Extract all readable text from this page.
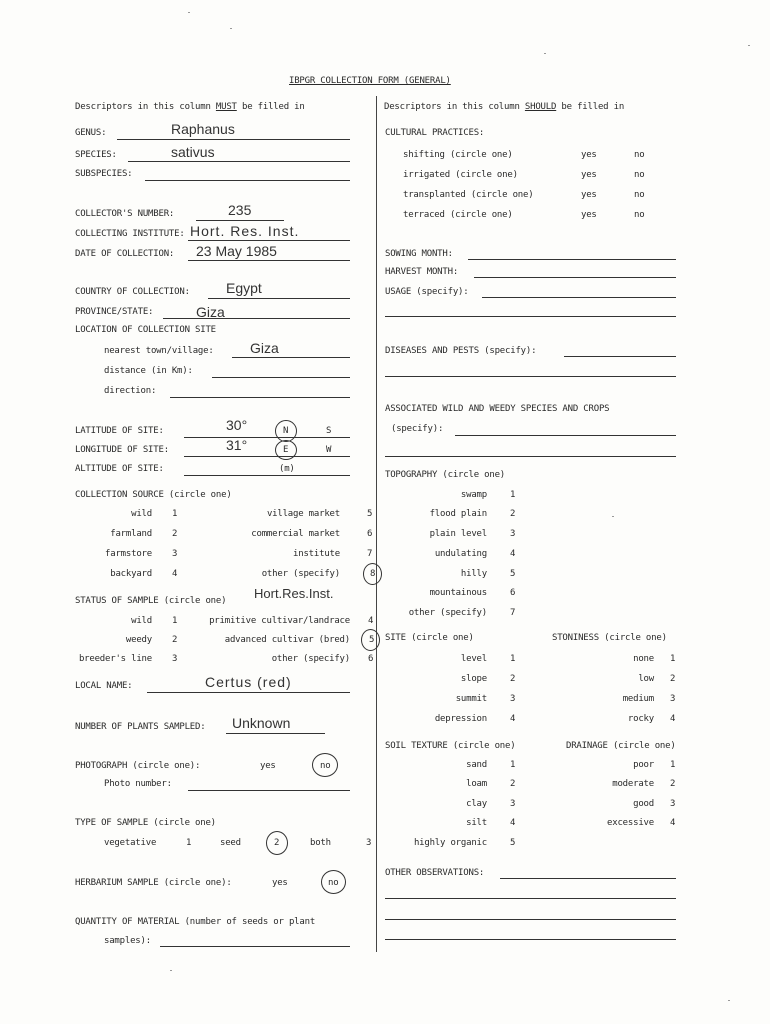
IBPGR COLLECTION FORM (GENERAL)
Descriptors in this column MUST be filled in	Descriptors in this column SHOULD be filled in
GENUS:	Raphanus
SPECIES:	sativus
SUBSPECIES:
COLLECTOR'S NUMBER:	235
COLLECTING INSTITUTE: Hort. Res. Inst.
DATE OF COLLECTION: 23 May 1985
COUNTRY OF COLLECTION:	Egypt
PROVINCE/STATE:	Giza
LOCATION OF COLLECTION SITE
nearest town/village:	Giza
distance (in Km):
direction:
LATITUDE OF SITE:	30°	N	S
LONGITUDE OF SITE:	31°	E	W
ALTITUDE OF SITE:	(m)
COLLECTION SOURCE (circle one)
wild 1	village market	5
farmland 2	commercial market	6
farmstore 3	institute	7
backyard 4	other (specify)	8
Hort.Res.Inst.
STATUS OF SAMPLE (circle one)
wild 1	primitive cultivar/landrace 4
weedy 2	advanced cultivar (bred) 5
breeder's line 3	other (specify) 6
LOCAL NAME:	Certus (red)
NUMBER OF PLANTS SAMPLED: Unknown
PHOTOGRAPH (circle one):	yes	no
Photo number:
TYPE OF SAMPLE (circle one)
vegetative	1	seed	2	both	3
HERBARIUM SAMPLE (circle one):	yes	no
QUANTITY OF MATERIAL (number of seeds or plant
samples):
CULTURAL PRACTICES:
shifting (circle one)	yes	no
irrigated (circle one)	yes	no
transplanted (circle one)	yes	no
terraced (circle one)	yes	no
SOWING MONTH:
HARVEST MONTH:
USAGE (specify):
DISEASES AND PESTS (specify):
ASSOCIATED WILD AND WEEDY SPECIES AND CROPS
(specify):
TOPOGRAPHY (circle one)
swamp	1
flood plain	2
plain level	3
undulating	4
hilly	5
mountainous	6
other (specify)	7
SITE (circle one)	STONINESS (circle one)
level	1	none 1
slope	2	low 2
summit	3	medium 3
depression	4	rocky 4
SOIL TEXTURE (circle one)	DRAINAGE (circle one)
sand	1	poor 1
loam	2	moderate 2
clay	3	good 3
silt	4	excessive 4
highly organic	5
OTHER OBSERVATIONS:
